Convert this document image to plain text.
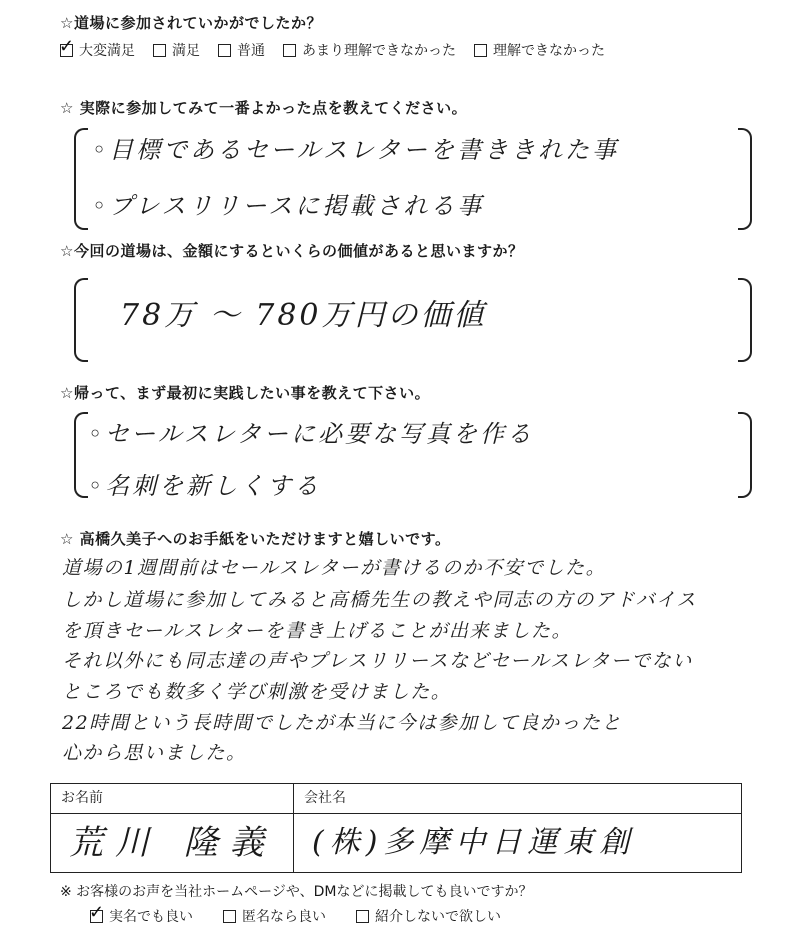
☆道場に参加されていかがでしたか？
✓
大変満足	満足	普通	あまり理解できなかった	理解できなかった
☆ 実際に参加してみて一番よかった点を教えてください。
◦目標であるセールスレターを書ききれた事
◦プレスリリースに掲載される事
☆今回の道場は、金額にするといくらの価値があると思いますか？
78万 〜 780万円の価値
☆帰って、まず最初に実践したい事を教えて下さい。
◦セールスレターに必要な写真を作る
◦名刺を新しくする
☆ 高橋久美子へのお手紙をいただけますと嬉しいです。
道場の1週間前はセールスレターが書けるのか不安でした。
しかし道場に参加してみると高橋先生の教えや同志の方のアドバイス
を頂きセールスレターを書き上げることが出来ました。
それ以外にも同志達の声やプレスリリースなどセールスレターでない
ところでも数多く学び刺激を受けました。
22時間という長時間でしたが本当に今は参加して良かったと
心から思いました。
お名前	会社名
荒川 隆義	(株)多摩中日運東創
※ お客様のお声を当社ホームページや、DMなどに掲載しても良いですか？
✓
実名でも良い	匿名なら良い	紹介しないで欲しい
